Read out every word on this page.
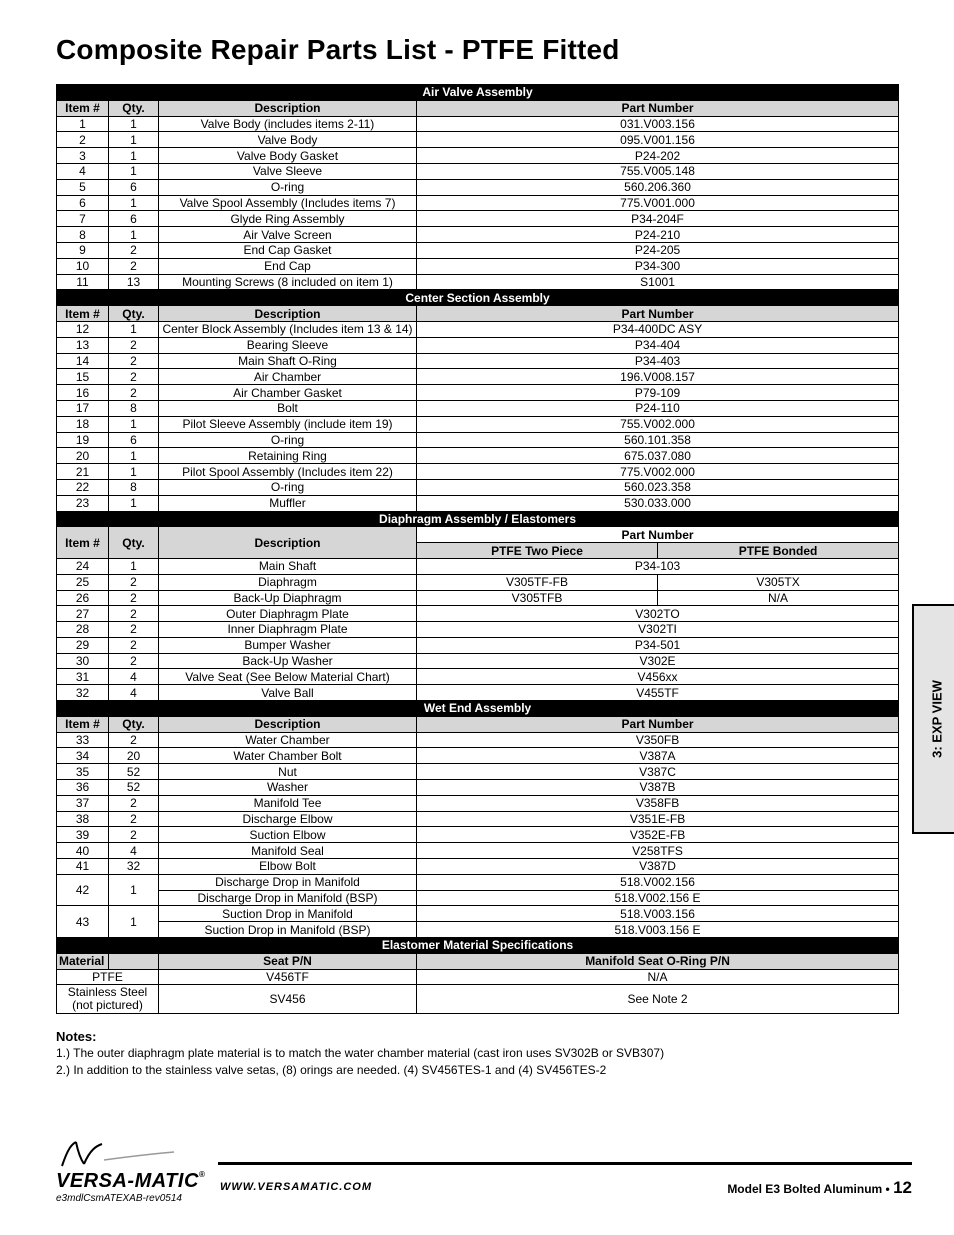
Composite Repair Parts List - PTFE Fitted
Air Valve Assembly				
Item #	Qty.	Description	Part Number	
1	1	Valve Body (includes items 2-11)	031.V003.156	
2	1	Valve Body	095.V001.156	
3	1	Valve Body Gasket	P24-202	
4	1	Valve Sleeve	755.V005.148	
5	6	O-ring	560.206.360	
6	1	Valve Spool Assembly (Includes items 7)	775.V001.000	
7	6	Glyde Ring Assembly	P34-204F	
8	1	Air Valve Screen	P24-210	
9	2	End Cap Gasket	P24-205	
10	2	End Cap	P34-300	
11	13	Mounting Screws (8 included on item 1)	S1001	
Center Section Assembly				
Item #	Qty.	Description	Part Number	
12	1	Center Block Assembly (Includes item 13 & 14)	P34-400DC ASY	
13	2	Bearing Sleeve	P34-404	
14	2	Main Shaft O-Ring	P34-403	
15	2	Air Chamber	196.V008.157	
16	2	Air Chamber Gasket	P79-109	
17	8	Bolt	P24-110	
18	1	Pilot Sleeve Assembly (include item 19)	755.V002.000	
19	6	O-ring	560.101.358	
20	1	Retaining Ring	675.037.080	
21	1	Pilot Spool Assembly (Includes item 22)	775.V002.000	
22	8	O-ring	560.023.358	
23	1	Muffler	530.033.000	
Diaphragm Assembly / Elastomers				
Item #	Qty.	Description	Part Number	
			PTFE Two Piece	PTFE Bonded
24	1	Main Shaft	P34-103	
25	2	Diaphragm	V305TF-FB	V305TX
26	2	Back-Up Diaphragm	V305TFB	N/A
27	2	Outer Diaphragm Plate	V302TO	
28	2	Inner Diaphragm Plate	V302TI	
29	2	Bumper Washer	P34-501	
30	2	Back-Up Washer	V302E	
31	4	Valve Seat (See Below Material Chart)	V456xx	
32	4	Valve Ball	V455TF	
Wet End Assembly				
Item #	Qty.	Description	Part Number	
33	2	Water Chamber	V350FB	
34	20	Water Chamber Bolt	V387A	
35	52	Nut	V387C	
36	52	Washer	V387B	
37	2	Manifold Tee	V358FB	
38	2	Discharge Elbow	V351E-FB	
39	2	Suction Elbow	V352E-FB	
40	4	Manifold Seal	V258TFS	
41	32	Elbow Bolt	V387D	
42	1	Discharge Drop in Manifold	518.V002.156	
		Discharge Drop in Manifold (BSP)	518.V002.156 E	
43	1	Suction Drop in Manifold	518.V003.156	
		Suction Drop in Manifold (BSP)	518.V003.156 E	
Elastomer Material Specifications				
Material		Seat P/N	Manifold Seat O-Ring P/N	
PTFE		V456TF	N/A	

Stainless Steel
(not pictured)		SV456	See Note 2	
Notes:
1.) The outer diaphragm plate material is to match the water chamber material (cast iron uses SV302B or SVB307)
2.) In addition to the stainless valve setas, (8) orings are needed. (4) SV456TES-1 and (4) SV456TES-2
3: EXP VIEW
VERSA-MATIC®
e3mdlCsmATEXAB-rev0514
WWW.VERSAMATIC.COM	Model E3 Bolted Aluminum • 12
